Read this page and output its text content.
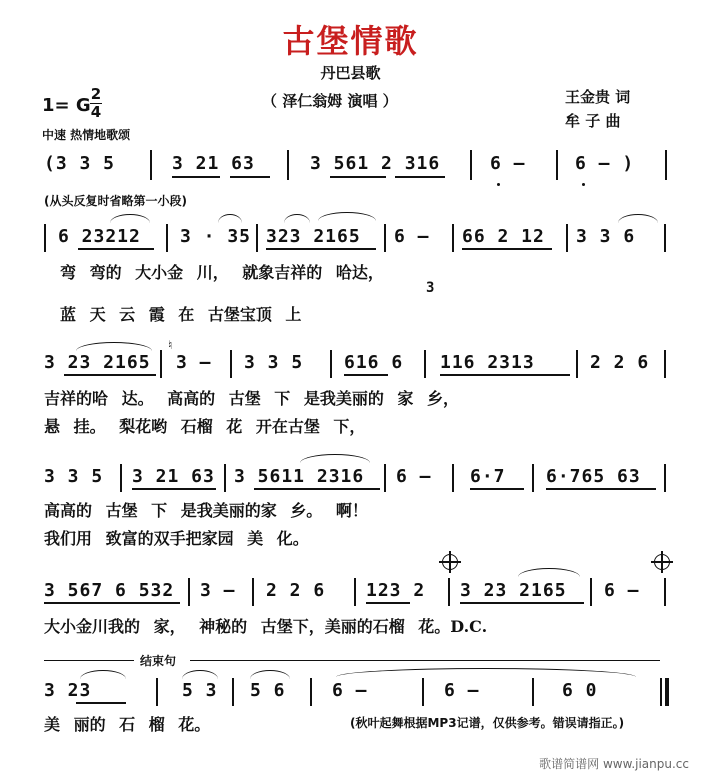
古堡情歌
丹巴县歌
（ 泽仁翁姆 演唱 ）	王金贵 词
牟 子 曲
1= G
2
4
中速 热情地歌颂
(3 3 5	3 21 63	3 561 2 316	6 –	6 – )
(从头反复时省略第一小段)
6 23212 3 · 35 323 2165 6 – 66 2 12 3 3 6
弯 弯的 大小金 川， 就象吉祥的 哈达，
3
蓝 天 云 霞 在 古堡宝顶 上
3 23 2165 3 – 3 3 5 616 6 116 2313	2 2 6
♮
吉祥的哈 达。 高高的 古堡 下 是我美丽的 家 乡，
悬 挂。 梨花哟 石榴 花 开在古堡 下，
3 3 5 3 21 63 3 5611 2316 6 – 6·7 6·765 63
高高的 古堡 下 是我美丽的家 乡。 啊！
我们用 致富的双手把家园 美 化。
3 567 6 532 3 – 2 2 6 123 2 3 23 2165 6 –
大小金川我的 家， 神秘的 古堡下，美丽的石榴 花。D.C.
结束句
3 23	5 3 5 6	6 –	6 –	6 0
美 丽的 石 榴 花。	(秋叶起舞根据MP3记谱，仅供参考。错误请指正。)
歌谱简谱网 www.jianpu.cc
